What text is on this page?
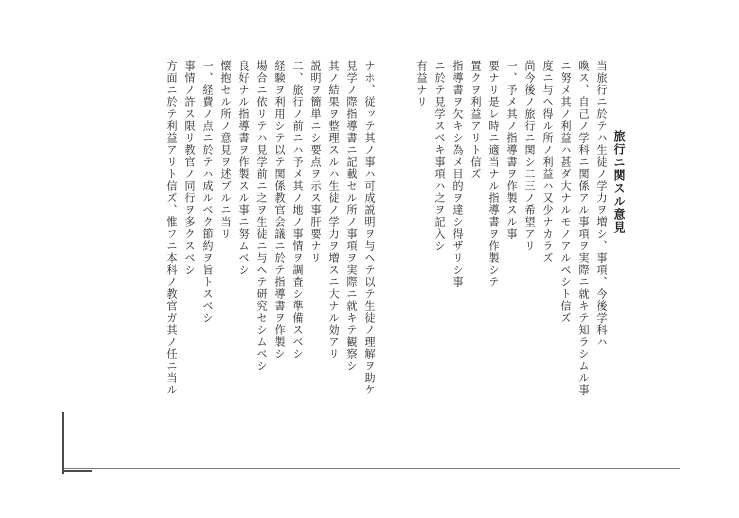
旅行ニ関スル意見
当旅行ニ於テハ生徒ノ学力ヲ増シ、事項、今後学科ハ
喚ス、自己ノ学科ニ関係アル事項ヲ実際ニ就キテ知ラシムル事
ニ努メ其ノ利益ハ甚ダ大ナルモノアルベシト信ズ
度ニ与ヘ得ル所ノ利益ハ又少ナカラズ
尚今後ノ旅行ニ関シ二三ノ希望アリ
一、予メ其ノ指導書ヲ作製スル事
要ナリ是レ時ニ適当ナル指導書ヲ作製シテ
置クヲ利益アリト信ズ
指導書ヲ欠キシ為メ目的ヲ達シ得ザリシ事
ニ於テ見学スベキ事項ハ之ヲ記入シ
有益ナリ
ナホ、従ッテ其ノ事ハ可成説明ヲ与ヘテ以テ生徒ノ理解ヲ助ケ
見学ノ際指導書ニ記載セル所ノ事項ヲ実際ニ就キテ観察シ
其ノ結果ヲ整理スルハ生徒ノ学力ヲ増スニ大ナル効アリ
説明ヲ簡単ニシ要点ヲ示ス事肝要ナリ
二、旅行ノ前ニハ予メ其ノ地ノ事情ヲ調査シ準備スベシ
経験ヲ利用シテ以テ関係教官会議ニ於テ指導書ヲ作製シ
場合ニ依リテハ見学前ニ之ヲ生徒ニ与ヘテ研究セシムベシ
良好ナル指導書ヲ作製スル事ニ努ムベシ
懐抱セル所ノ意見ヲ述ブルニ当リ
一、経費ノ点ニ於テハ成ルベク節約ヲ旨トスベシ
事情ノ許ス限リ教官ノ同行ヲ多クスベシ
方面ニ於テ利益アリト信ズ、惟フニ本科ノ教官ガ其ノ任ニ当ル
